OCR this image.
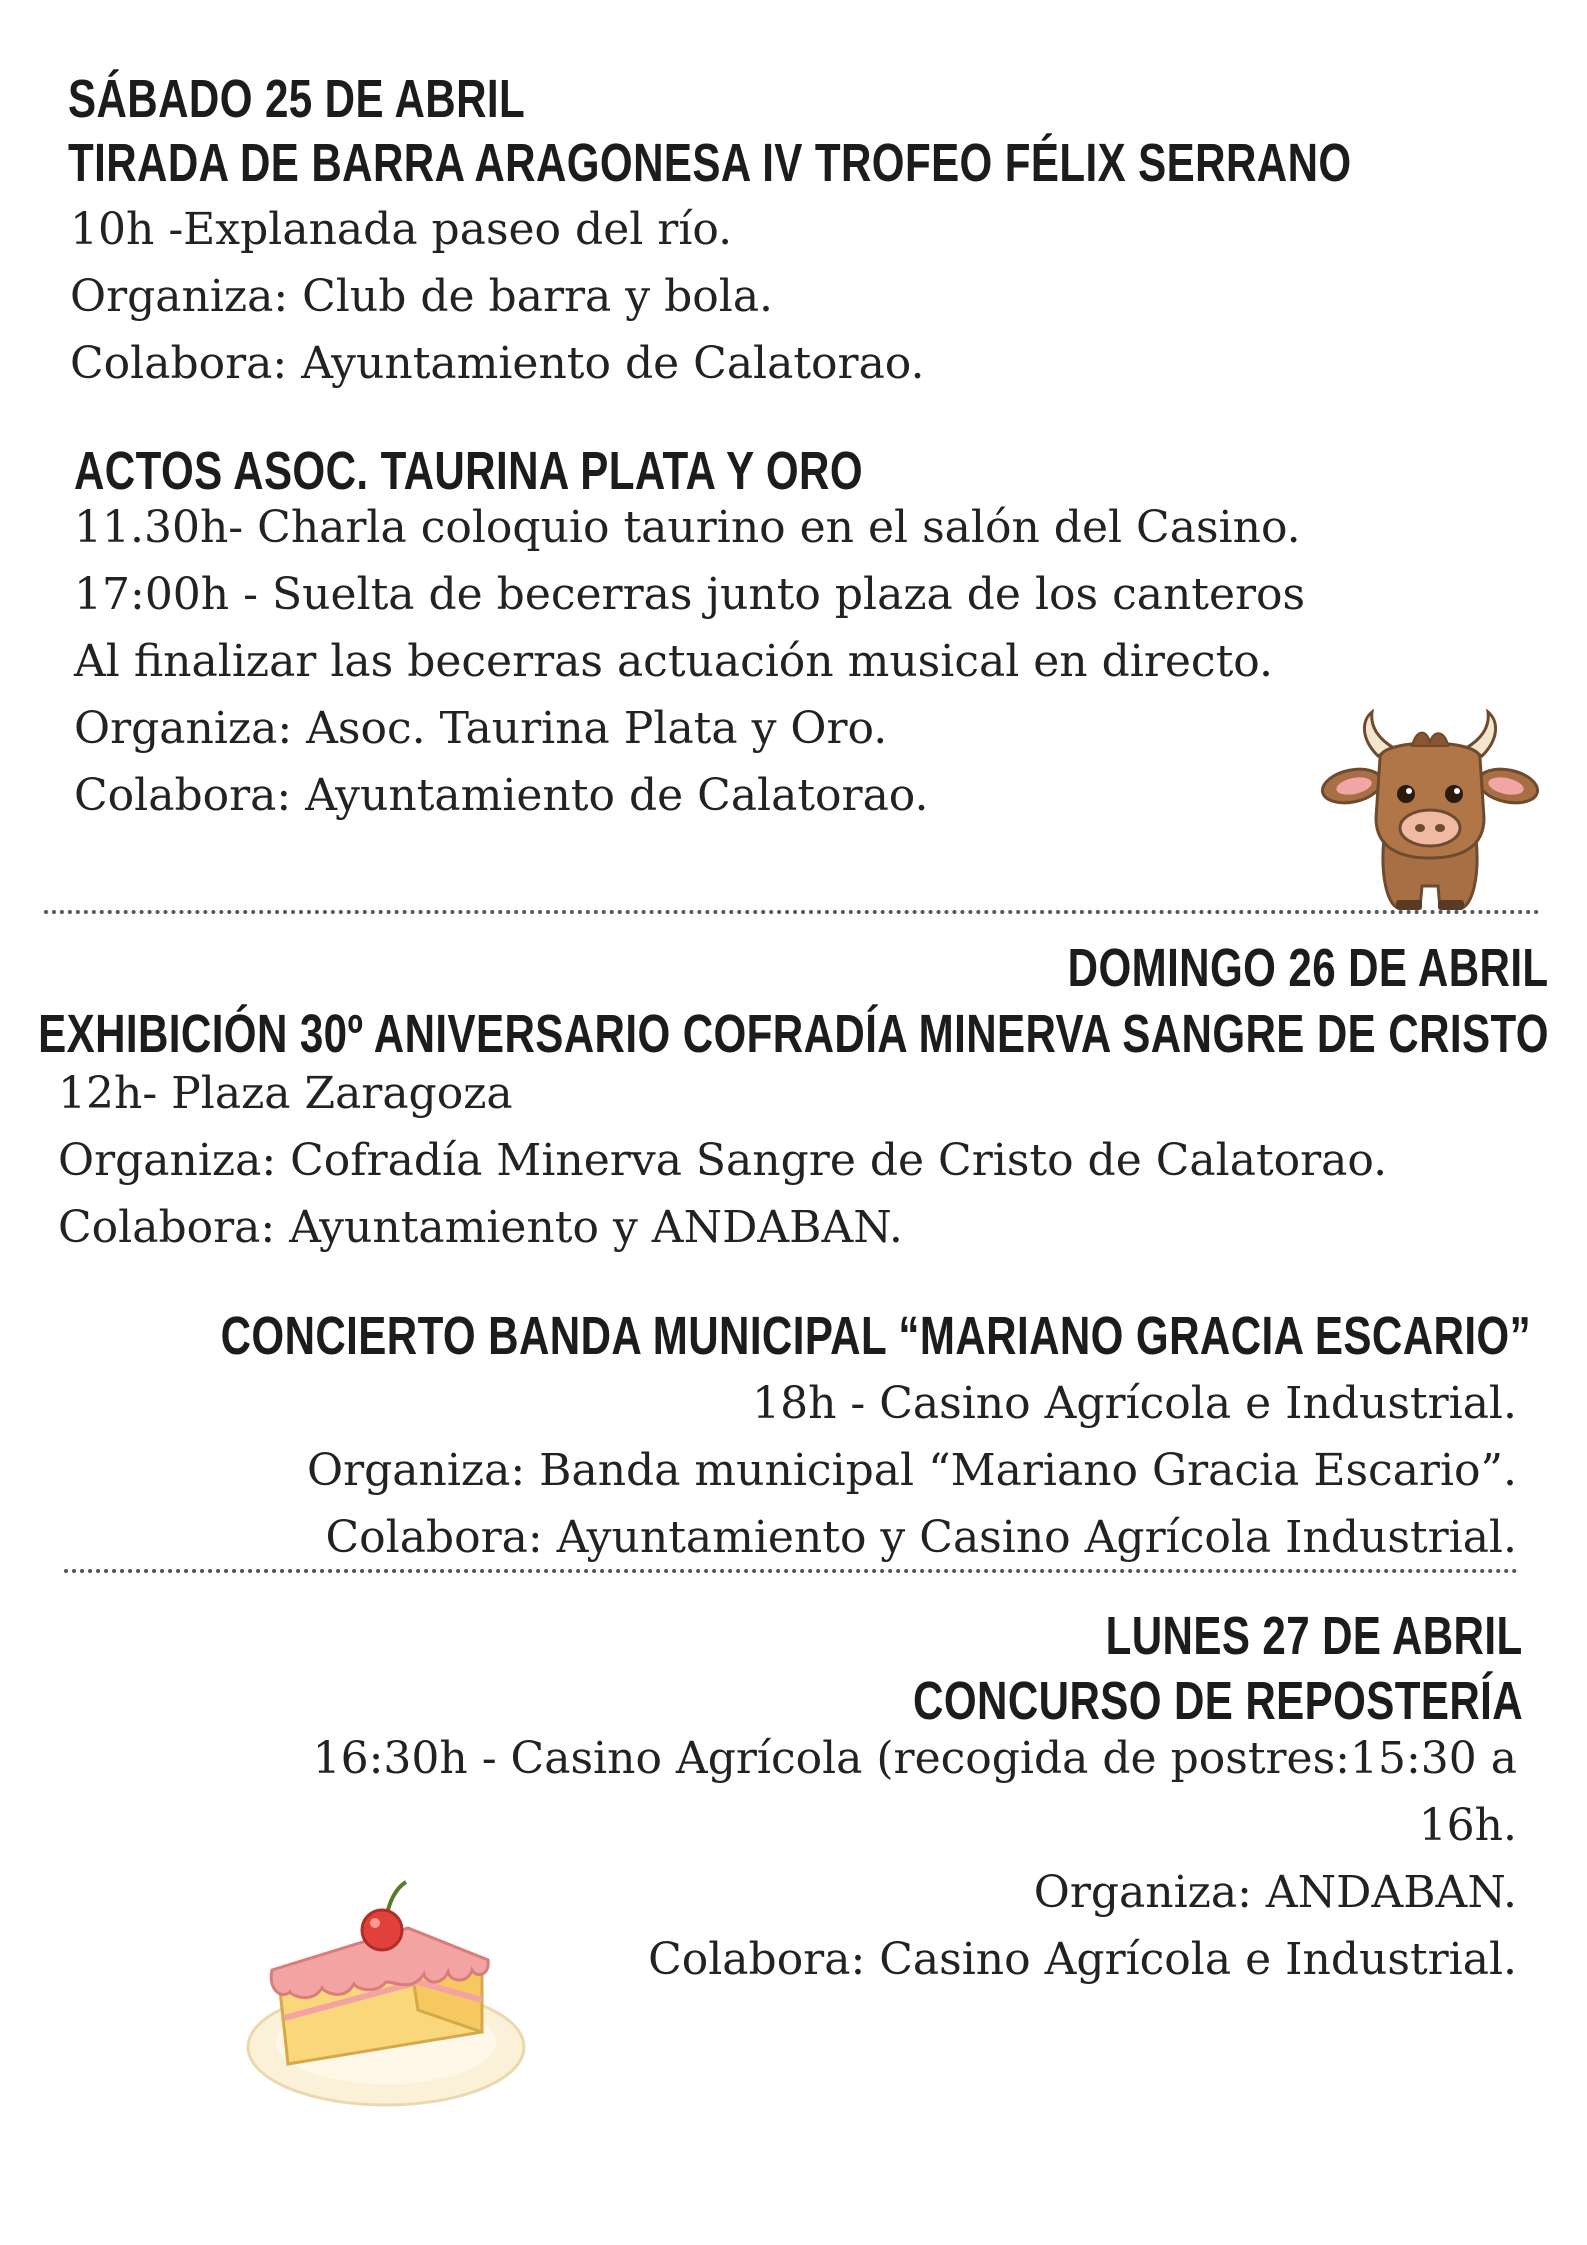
SÁBADO 25 DE ABRIL
TIRADA DE BARRA ARAGONESA IV TROFEO FÉLIX SERRANO
10h -Explanada paseo del río.
Organiza: Club de barra y bola.
Colabora: Ayuntamiento de Calatorao.
ACTOS ASOC. TAURINA PLATA Y ORO
11.30h- Charla coloquio taurino en el salón del Casino.
17:00h - Suelta de becerras junto plaza de los canteros
Al finalizar las becerras actuación musical en directo.
Organiza: Asoc. Taurina Plata y Oro.
Colabora: Ayuntamiento de Calatorao.
DOMINGO 26 DE ABRIL
EXHIBICIÓN 30º ANIVERSARIO COFRADÍA MINERVA SANGRE DE CRISTO
12h- Plaza Zaragoza
Organiza: Cofradía Minerva Sangre de Cristo de Calatorao.
Colabora: Ayuntamiento y ANDABAN.
CONCIERTO BANDA MUNICIPAL “MARIANO GRACIA ESCARIO”
18h - Casino Agrícola e Industrial.
Organiza: Banda municipal “Mariano Gracia Escario”.
Colabora: Ayuntamiento y Casino Agrícola Industrial.
LUNES 27 DE ABRIL
CONCURSO DE REPOSTERÍA
16:30h - Casino Agrícola (recogida de postres:15:30 a
16h.
Organiza: ANDABAN.
Colabora: Casino Agrícola e Industrial.
